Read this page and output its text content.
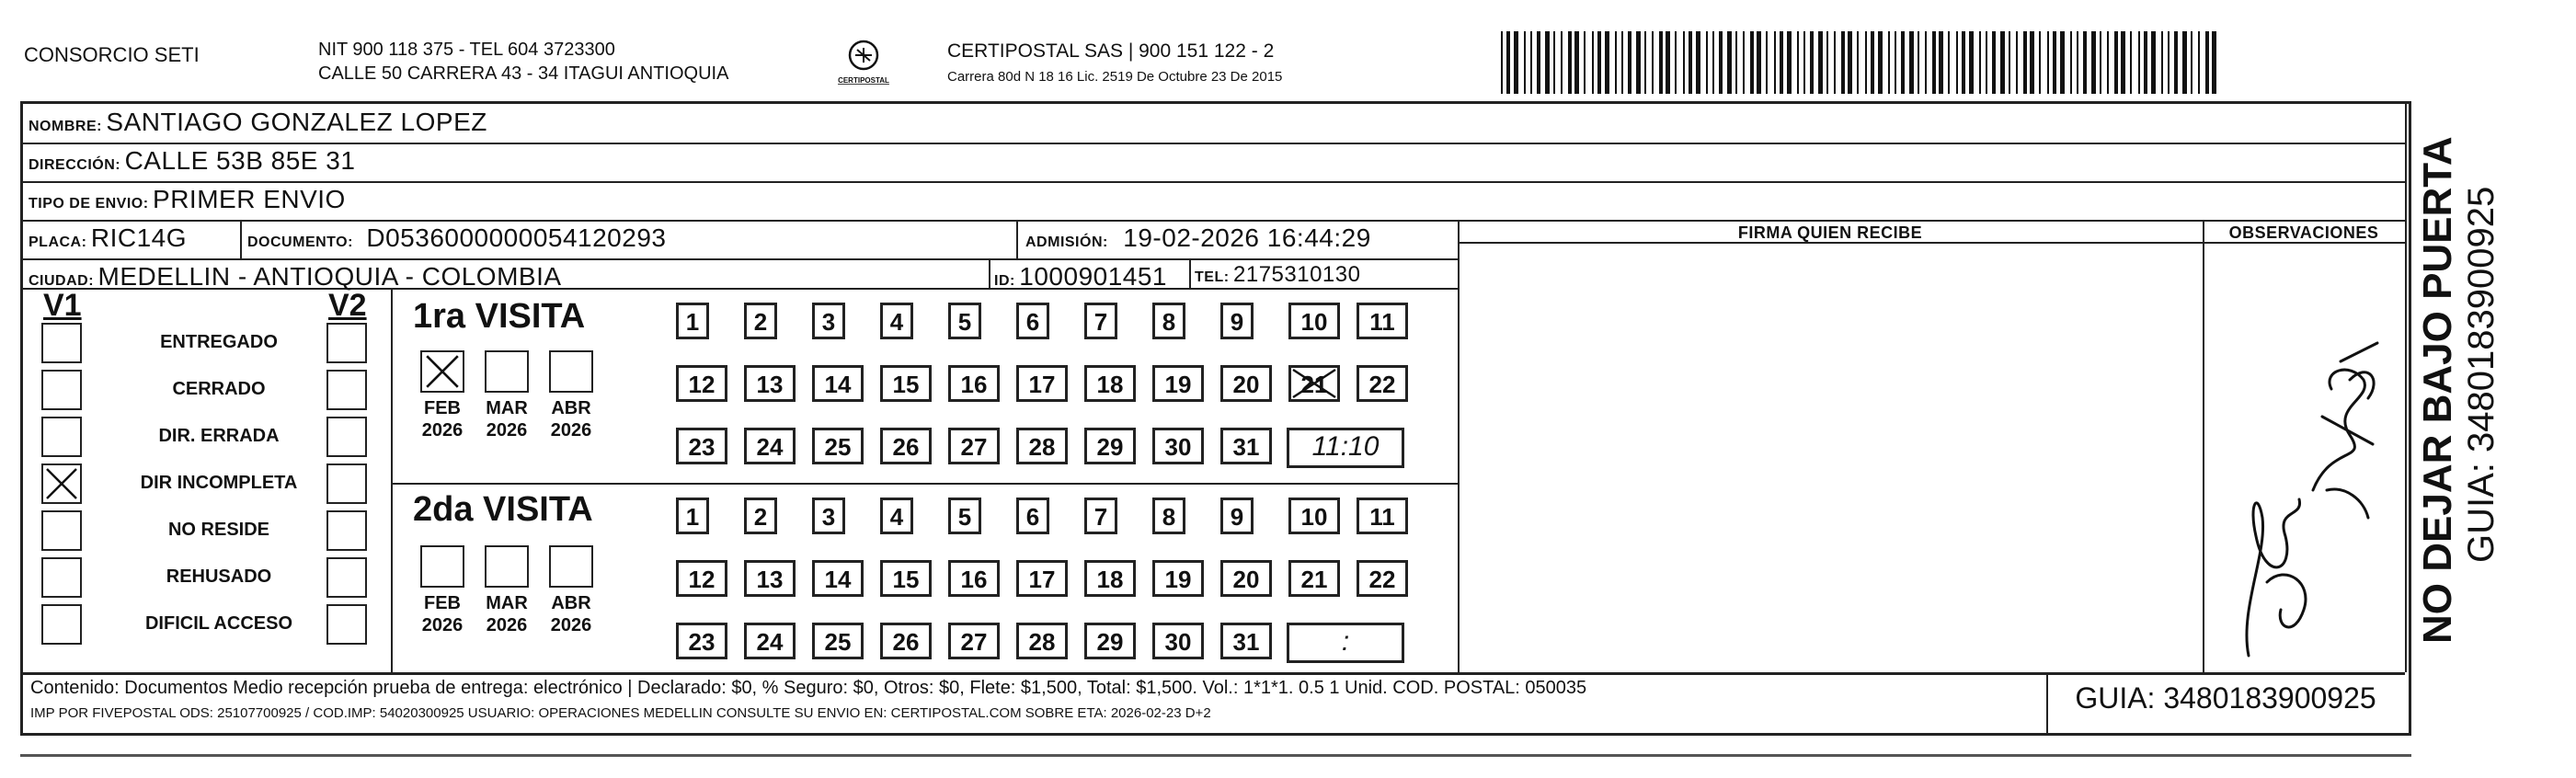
CONSORCIO SETI	NIT 900 118 375 - TEL 604 3723300
CALLE 50 CARRERA 43 - 34 ITAGUI ANTIOQUIA	CERTIPOSTAL
CERTIPOSTAL SAS | 900 151 122 - 2
Carrera 80d N 18 16 Lic. 2519 De Octubre 23 De 2015
NOMBRE: SANTIAGO GONZALEZ LOPEZ
DIRECCIÓN: CALLE 53B 85E 31
TIPO DE ENVIO: PRIMER ENVIO
PLACA: RIC14G	DOCUMENTO: D0536000000054120293	ADMISIÓN: 19-02-2026 16:44:29
CIUDAD: MEDELLIN - ANTIOQUIA - COLOMBIA	ID: 1000901451 TEL: 2175310130
FIRMA QUIEN RECIBE	OBSERVACIONES
V1	V2
ENTREGADO
CERRADO
DIR. ERRADA
DIR INCOMPLETA
NO RESIDE
REHUSADO
DIFICIL ACCESO
1ra VISITA
2da VISITA
FEB
2026
MAR
2026
ABR
2026
1	2	3	4	5	6	7	8	9	10	11
12	13	14	15	16	17	18	19	20	21	22
23	24	25	26	27	28	29	30	31	11:10
FEB
2026
MAR
2026
ABR
2026
1	2	3	4	5	6	7	8	9	10	11
12	13	14	15	16	17	18	19	20	21	22
23	24	25	26	27	28	29	30	31	:
Contenido: Documentos Medio recepción prueba de entrega: electrónico | Declarado: $0, % Seguro: $0, Otros: $0, Flete: $1,500, Total: $1,500. Vol.: 1*1*1. 0.5 1 Unid. COD. POSTAL: 050035
IMP POR FIVEPOSTAL ODS: 25107700925 / COD.IMP: 54020300925 USUARIO: OPERACIONES MEDELLIN CONSULTE SU ENVIO EN: CERTIPOSTAL.COM SOBRE ETA: 2026-02-23 D+2	GUIA: 3480183900925
NO DEJAR BAJO PUERTA GUIA: 3480183900925
